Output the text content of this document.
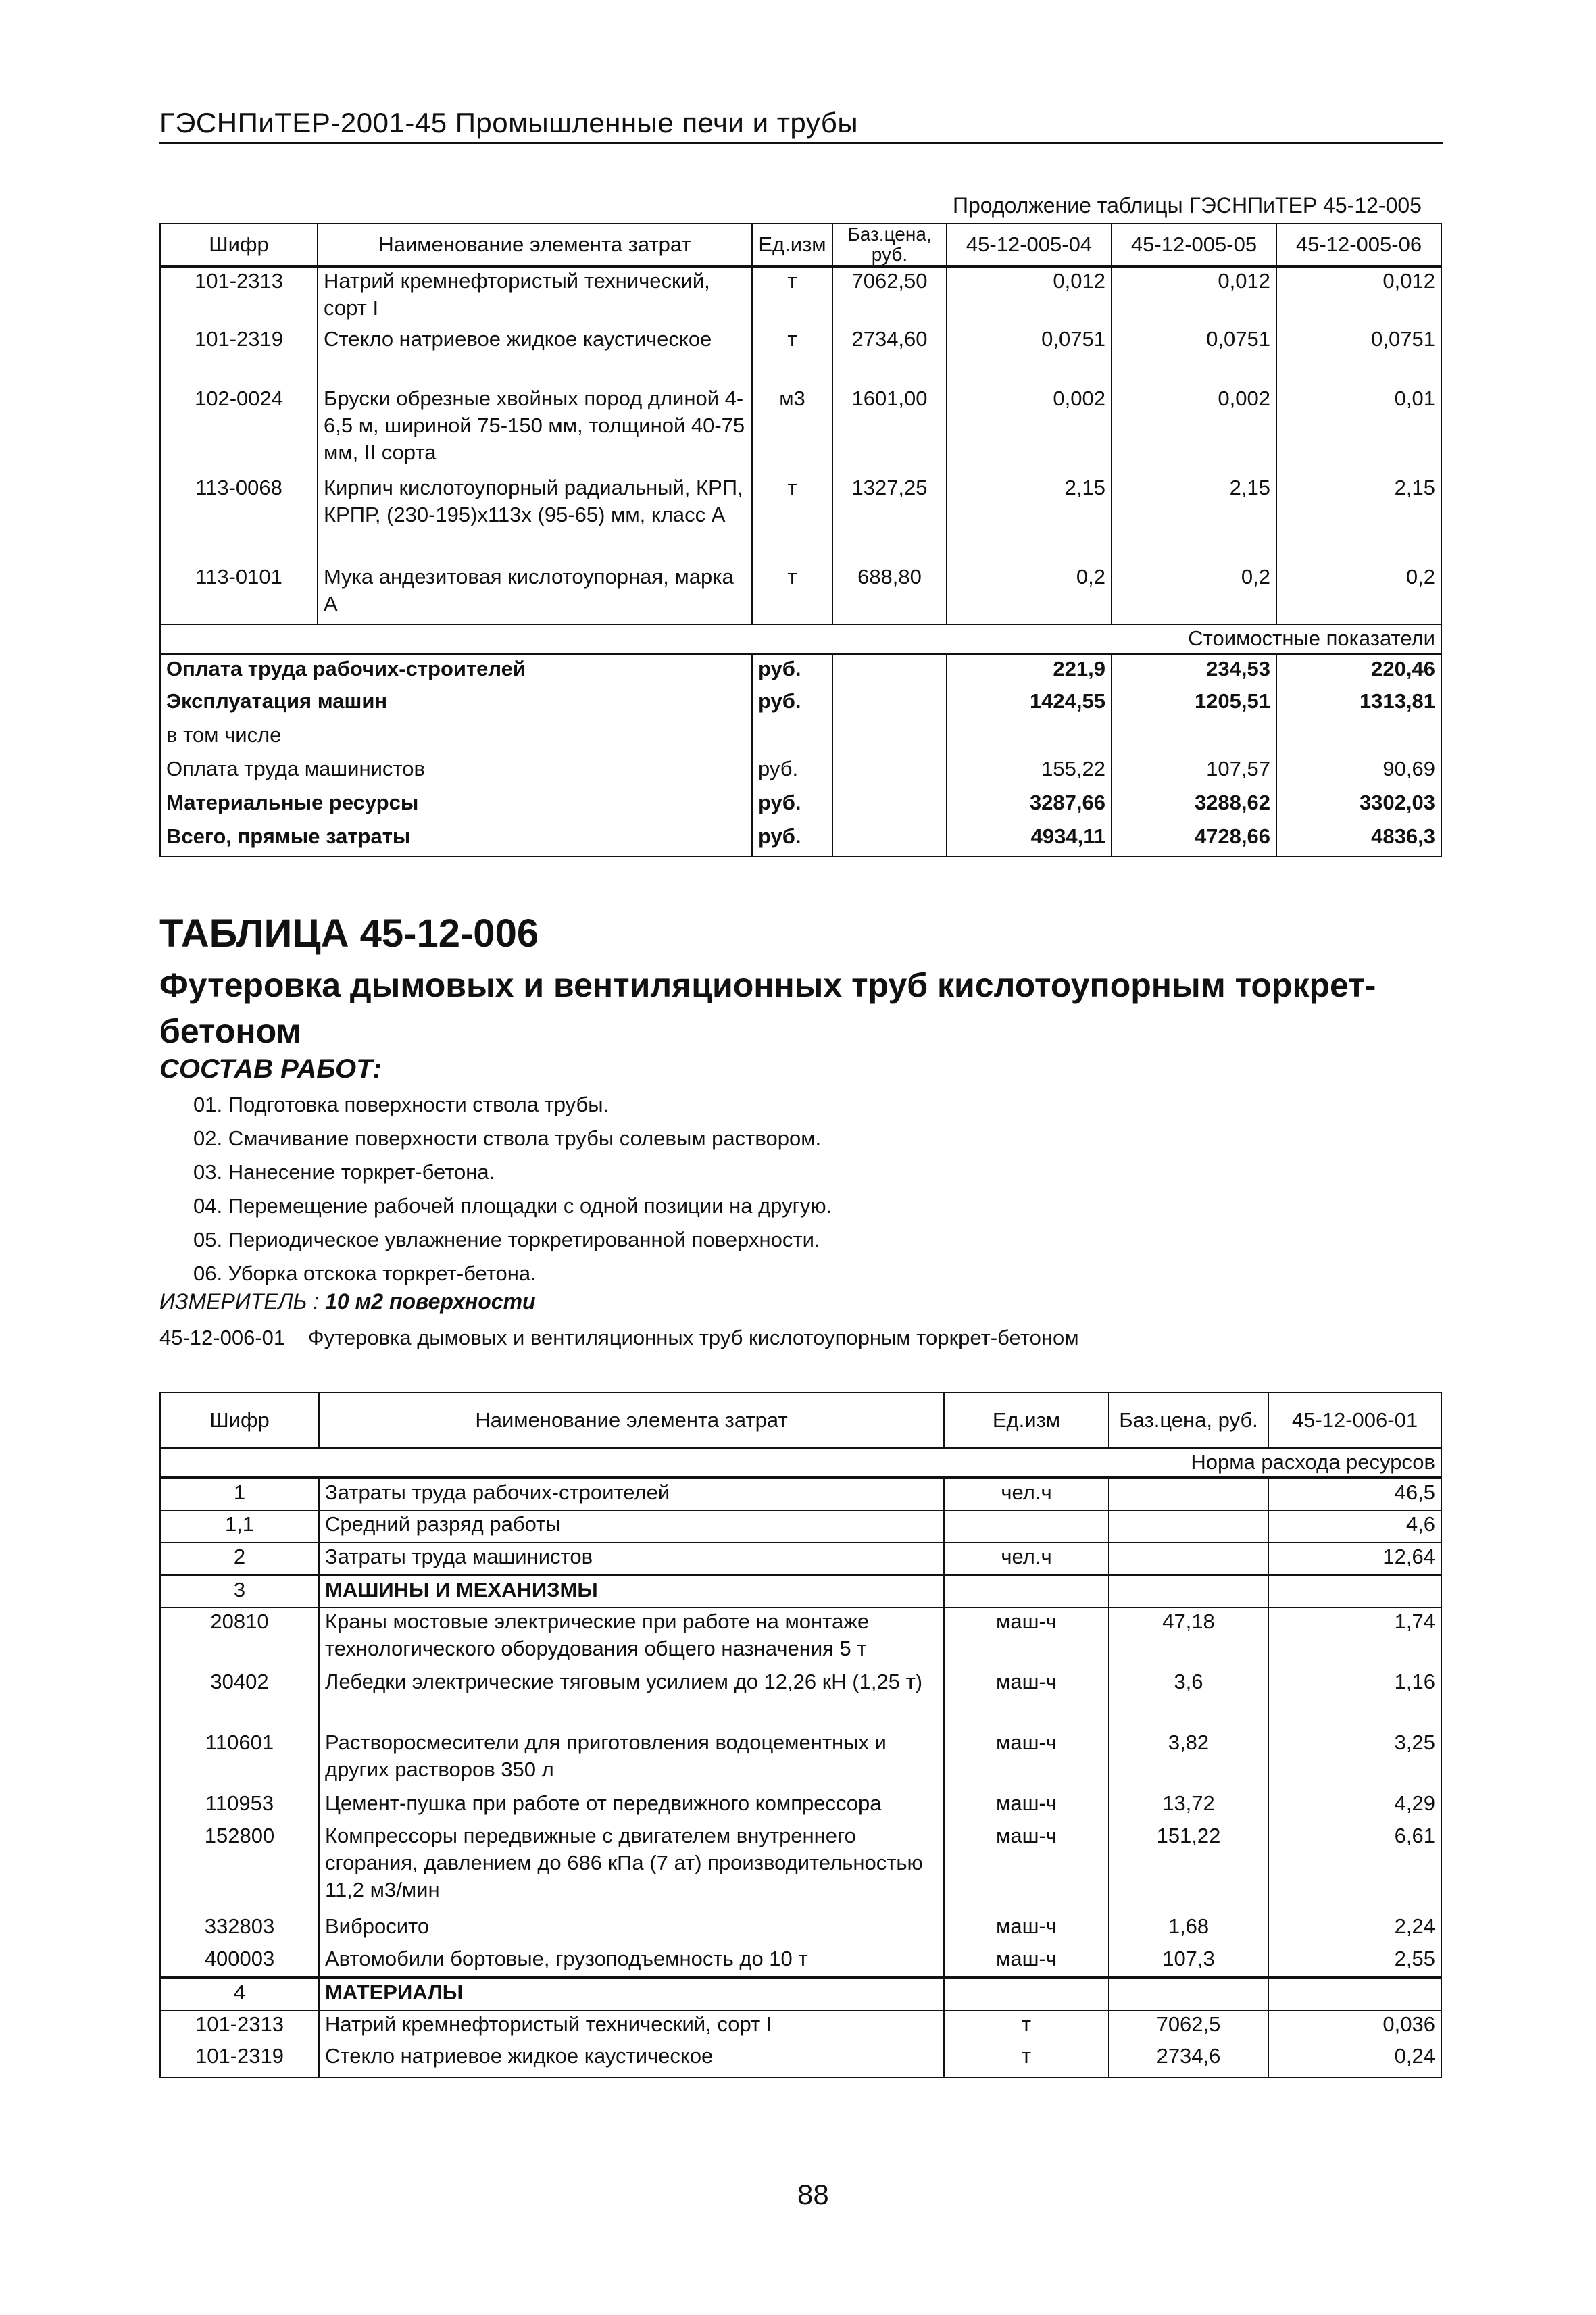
ГЭСНПиТЕР-2001-45 Промышленные печи и трубы
Продолжение таблицы ГЭСНПиТЕР 45-12-005
Шифр	Наименование элемента затрат	Ед.изм	Баз.цена, руб.	45-12-005-04	45-12-005-05	45-12-005-06
101-2313	Натрий кремнефтористый технический, сорт I	т	7062,50	0,012	0,012	0,012
101-2319	Стекло натриевое жидкое каустическое	т	2734,60	0,0751	0,0751	0,0751
102-0024	Бруски обрезные хвойных пород длиной 4-6,5 м, шириной 75-150 мм, толщиной 40-75 мм, II сорта	м3	1601,00	0,002	0,002	0,01
113-0068	Кирпич кислотоупорный радиальный, КРП, КРПР, (230-195)х113х (95-65) мм, класс А	т	1327,25	2,15	2,15	2,15
113-0101	Мука андезитовая кислотоупорная, марка А	т	688,80	0,2	0,2	0,2
Стоимостные показатели						
Оплата труда рабочих-строителей		руб.		221,9	234,53	220,46
Эксплуатация машин		руб.		1424,55	1205,51	1313,81
в том числе						
Оплата труда машинистов		руб.		155,22	107,57	90,69
Материальные ресурсы		руб.		3287,66	3288,62	3302,03
Всего, прямые затраты		руб.		4934,11	4728,66	4836,3
ТАБЛИЦА 45-12-006
Футеровка дымовых и вентиляционных труб кислотоупорным торкрет-бетоном
СОСТАВ РАБОТ:
01. Подготовка поверхности ствола трубы.
02. Смачивание поверхности ствола трубы солевым раствором.
03. Нанесение торкрет-бетона.
04. Перемещение рабочей площадки с одной позиции на другую.
05. Периодическое увлажнение торкретированной поверхности.
06. Уборка отскока торкрет-бетона.
ИЗМЕРИТЕЛЬ : 10 м2 поверхности
45-12-006-01 Футеровка дымовых и вентиляционных труб кислотоупорным торкрет-бетоном
Шифр	Наименование элемента затрат	Ед.изм	Баз.цена, руб.	45-12-006-01
Норма расхода ресурсов				
1	Затраты труда рабочих-строителей	чел.ч		46,5
1,1	Средний разряд работы			4,6
2	Затраты труда машинистов	чел.ч		12,64
3	МАШИНЫ И МЕХАНИЗМЫ			
20810	Краны мостовые электрические при работе на монтаже технологического оборудования общего назначения 5 т	маш-ч	47,18	1,74
30402	Лебедки электрические тяговым усилием до 12,26 кН (1,25 т)	маш-ч	3,6	1,16
110601	Растворосмесители для приготовления водоцементных и других растворов 350 л	маш-ч	3,82	3,25
110953	Цемент-пушка при работе от передвижного компрессора	маш-ч	13,72	4,29
152800	Компрессоры передвижные с двигателем внутреннего сгорания, давлением до 686 кПа (7 ат) производительностью 11,2 м3/мин	маш-ч	151,22	6,61
332803	Вибросито	маш-ч	1,68	2,24
400003	Автомобили бортовые, грузоподъемность до 10 т	маш-ч	107,3	2,55
4	МАТЕРИАЛЫ			
101-2313	Натрий кремнефтористый технический, сорт I	т	7062,5	0,036
101-2319	Стекло натриевое жидкое каустическое	т	2734,6	0,24
88
